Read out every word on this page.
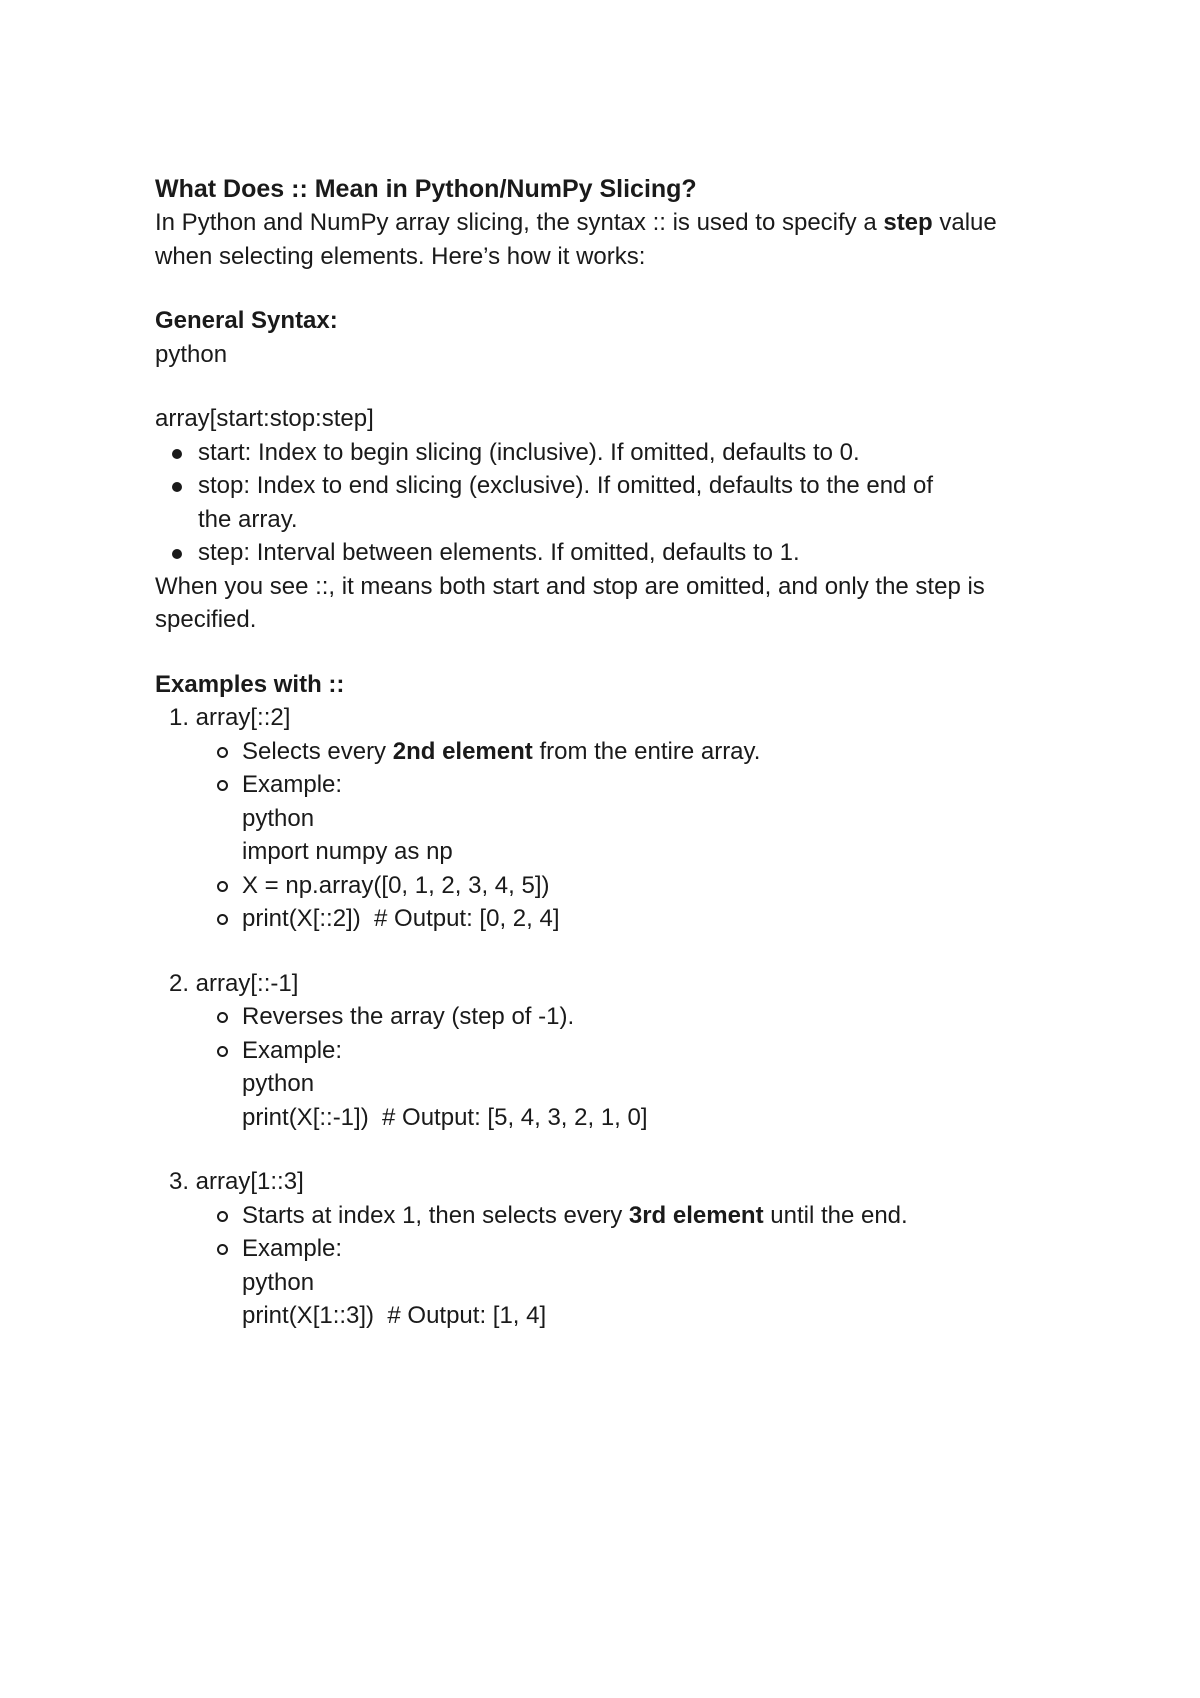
What Does :: Mean in Python/NumPy Slicing?

In Python and NumPy array slicing, the syntax :: is used to specify a step value

when selecting elements. Here’s how it works:

General Syntax:

python

array[start:stop:step]

start: Index to begin slicing (inclusive). If omitted, defaults to 0.
stop: Index to end slicing (exclusive). If omitted, defaults to the end of
the array.
step: Interval between elements. If omitted, defaults to 1.

When you see ::, it means both start and stop are omitted, and only the step is

specified.

Examples with ::

1. array[::2]

Selects every 2nd element from the entire array.
Example:
python
import numpy as np
X = np.array([0, 1, 2, 3, 4, 5])
print(X[::2])  # Output: [0, 2, 4]

2. array[::-1]

Reverses the array (step of -1).
Example:
python
print(X[::-1])  # Output: [5, 4, 3, 2, 1, 0]

3. array[1::3]

Starts at index 1, then selects every 3rd element until the end.
Example:
python
print(X[1::3])  # Output: [1, 4]
